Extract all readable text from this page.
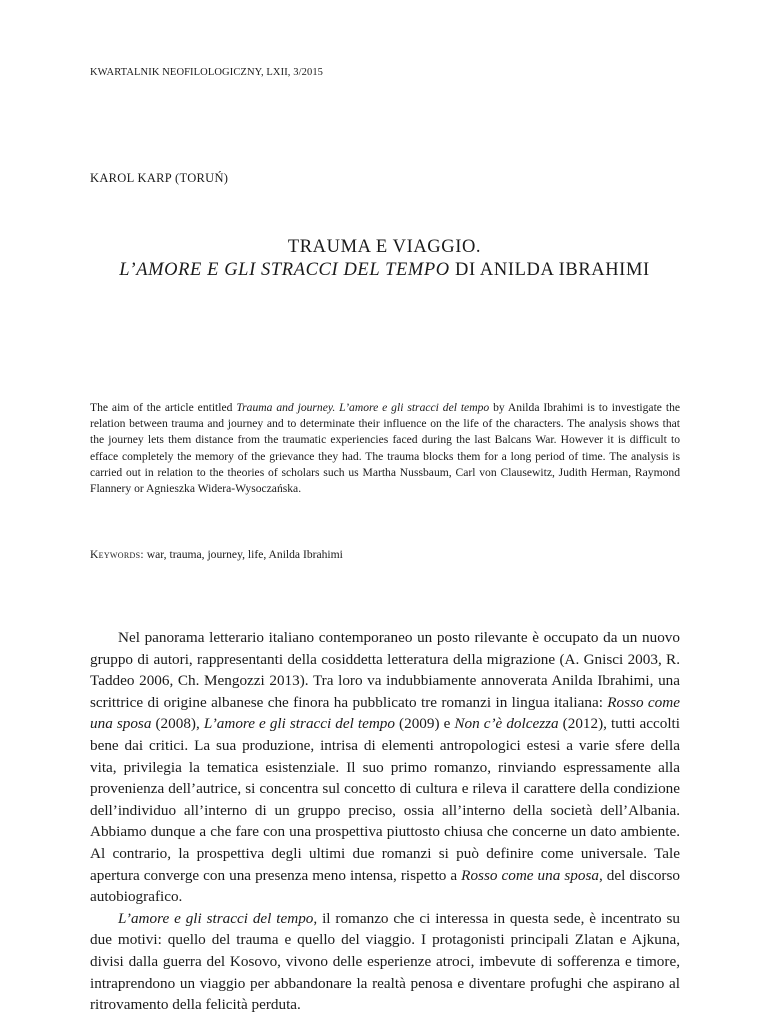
KWARTALNIK NEOFILOLOGICZNY, LXII, 3/2015
KAROL KARP (TORUŃ)
TRAUMA E VIAGGIO.
L’AMORE E GLI STRACCI DEL TEMPO DI ANILDA IBRAHIMI

The aim of the article entitled Trauma and journey. L’amore e gli stracci del tempo by Anilda Ibrahimi is to investigate the relation between trauma and journey and to determinate their influence on the life of the characters. The analysis shows that the journey lets them distance from the traumatic experiencies faced during the last Balcans War. However it is difficult to efface completely the memory of the grievance they had. The trauma blocks them for a long period of time. The analysis is carried out in relation to the theories of scholars such us Martha Nussbaum, Carl von Clausewitz, Judith Herman, Raymond Flannery or Agnieszka Widera-Wysoczańska.

Keywords: war, trauma, journey, life, Anilda Ibrahimi

Nel panorama letterario italiano contemporaneo un posto rilevante è occupato da un nuovo gruppo di autori, rappresentanti della cosiddetta letteratura della migrazione (A. Gnisci 2003, R. Taddeo 2006, Ch. Mengozzi 2013). Tra loro va indubbiamente annoverata Anilda Ibrahimi, una scrittrice di origine albanese che finora ha pubblicato tre romanzi in lingua italiana: Rosso come una sposa (2008), L’amore e gli stracci del tempo (2009) e Non c’è dolcezza (2012), tutti accolti bene dai critici. La sua produzione, intrisa di elementi antropologici estesi a varie sfere della vita, privilegia la tematica esistenziale. Il suo primo romanzo, rinviando espressamente alla provenienza dell’autrice, si concentra sul concetto di cultura e rileva il carattere della condizione dell’individuo all’interno di un gruppo preciso, ossia all’interno della società dell’Albania. Abbiamo dunque a che fare con una prospettiva piuttosto chiusa che concerne un dato ambiente. Al contrario, la prospettiva degli ultimi due romanzi si può definire come universale. Tale apertura converge con una presenza meno intensa, rispetto a Rosso come una sposa, del discorso autobiografico.

L’amore e gli stracci del tempo, il romanzo che ci interessa in questa sede, è incentrato su due motivi: quello del trauma e quello del viaggio. I protagonisti principali Zlatan e Ajkuna, divisi dalla guerra del Kosovo, vivono delle esperienze atroci, imbevute di sofferenza e timore, intraprendono un viaggio per abbandonare la realtà penosa e diventare profughi che aspirano al ritrovamento della felicità perduta.
